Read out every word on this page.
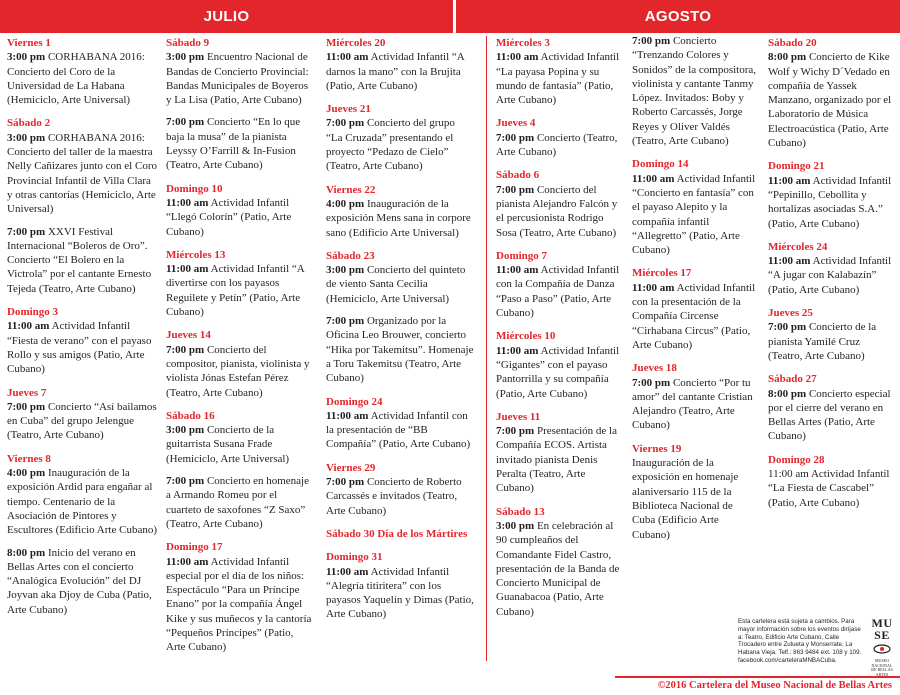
JULIO	AGOSTO
Viernes 1
3:00 pm CORHABANA 2016: Concierto del Coro de la Universidad de La Habana (Hemiciclo, Arte Universal)
Sábado 2
3:00 pm CORHABANA 2016: Concierto del taller de la maestra Nelly Cañizares junto con el Coro Provincial Infantil de Villa Clara y otras cantorías (Hemiciclo, Arte Universal)
7:00 pm XXVI Festival Internacional “Boleros de Oro”. Concierto “El Bolero en la Victrola” por el cantante Ernesto Tejeda (Teatro, Arte Cubano)
Domingo 3
11:00 am Actividad Infantil “Fiesta de verano” con el payaso Rollo y sus amigos (Patio, Arte Cubano)
Jueves 7
7:00 pm Concierto “Así bailamos en Cuba” del grupo Jelengue (Teatro, Arte Cubano)
Viernes 8
4:00 pm Inauguración de la exposición Ardid para engañar al tiempo. Centenario de la Asociación de Pintores y Escultores (Edificio Arte Cubano)
8:00 pm Inicio del verano en Bellas Artes con el concierto “Analógica Evolución” del DJ Joyvan aka Djoy de Cuba (Patio, Arte Cubano)
Sábado 9
3:00 pm Encuentro Nacional de Bandas de Concierto Provincial: Bandas Municipales de Boyeros y La Lisa (Patio, Arte Cubano)
7:00 pm Concierto “En lo que baja la musa” de la pianista Leyssy O’Farrill & In-Fusion (Teatro, Arte Cubano)
Domingo 10
11:00 am Actividad Infantil “Llegó Colorín” (Patio, Arte Cubano)
Miércoles 13
11:00 am Actividad Infantil “A divertirse con los payasos Reguilete y Petín” (Patio, Arte Cubano)
Jueves 14
7:00 pm Concierto del compositor, pianista, violinista y violista Jónas Estefan Pérez (Teatro, Arte Cubano)
Sábado 16
3:00 pm Concierto de la guitarrista Susana Frade (Hemiciclo, Arte Universal)
7:00 pm Concierto en homenaje a Armando Romeu por el cuarteto de saxofones “Z Saxo” (Teatro, Arte Cubano)
Domingo 17
11:00 am Actividad Infantil especial por el día de los niños: Espectáculo “Para un Príncipe Enano” por la compañía Ángel Kike y sus muñecos y la cantoría “Pequeños Príncipes” (Patio, Arte Cubano)
Miércoles 20
11:00 am Actividad Infantil “A darnos la mano” con la Brujita (Patio, Arte Cubano)
Jueves 21
7:00 pm Concierto del grupo “La Cruzada” presentando el proyecto “Pedazo de Cielo” (Teatro, Arte Cubano)
Viernes 22
4:00 pm Inauguración de la exposición Mens sana in corpore sano (Edificio Arte Universal)
Sábado 23
3:00 pm Concierto del quinteto de viento Santa Cecilia (Hemiciclo, Arte Universal)
7:00 pm Organizado por la Oficina Leo Brouwer, concierto “Hika por Takemitsu”. Homenaje a Toru Takemitsu (Teatro, Arte Cubano)
Domingo 24
11:00 am Actividad Infantil con la presentación de “BB Compañía” (Patio, Arte Cubano)
Viernes 29
7:00 pm Concierto de Roberto Carcassés e invitados (Teatro, Arte Cubano)
Sábado 30 Día de los Mártires
Domingo 31
11:00 am Actividad Infantil “Alegría titiritera” con los payasos Yaquelín y Dimas (Patio, Arte Cubano)
Miércoles 3
11:00 am Actividad Infantil “La payasa Popina y su mundo de fantasía” (Patio, Arte Cubano)
Jueves 4
7:00 pm Concierto (Teatro, Arte Cubano)
Sábado 6
7:00 pm Concierto del pianista Alejandro Falcón y el percusionista Rodrigo Sosa (Teatro, Arte Cubano)
Domingo 7
11:00 am Actividad Infantil con la Compañía de Danza “Paso a Paso” (Patio, Arte Cubano)
Miércoles 10
11:00 am Actividad Infantil “Gigantes” con el payaso Pantorrilla y su compañía (Patio, Arte Cubano)
Jueves 11
7:00 pm Presentación de la Compañía ECOS. Artista invitado pianista Denis Peralta (Teatro, Arte Cubano)
Sábado 13
3:00 pm En celebración al 90 cumpleaños del Comandante Fidel Castro, presentación de la Banda de Concierto Municipal de Guanabacoa (Patio, Arte Cubano)
7:00 pm Concierto “Trenzando Colores y Sonidos” de la compositora, violinista y cantante Tanmy López. Invitados: Boby y Roberto Carcassés, Jorge Reyes y Oliver Valdés (Teatro, Arte Cubano)
Domingo 14
11:00 am Actividad Infantil “Concierto en fantasía” con el payaso Alepito y la compañía infantil “Allegretto” (Patio, Arte Cubano)
Miércoles 17
11:00 am Actividad Infantil con la presentación de la Compañía Circense “Cirhabana Circus” (Patio, Arte Cubano)
Jueves 18
7:00 pm Concierto “Por tu amor” del cantante Cristian Alejandro (Teatro, Arte Cubano)
Viernes 19
Inauguración de la exposición en homenaje alaniversario 115 de la Biblioteca Nacional de Cuba (Edificio Arte Cubano)
Sábado 20
8:00 pm Concierto de Kike Wolf y Wichy D´Vedado en compañía de Yassek Manzano, organizado por el Laboratorio de Música Electroacústica (Patio, Arte Cubano)
Domingo 21
11:00 am Actividad Infantil “Pepinillo, Cebollita y hortalizas asociadas S.A.” (Patio, Arte Cubano)
Miércoles 24
11:00 am Actividad Infantil “A jugar con Kalabazín” (Patio, Arte Cubano)
Jueves 25
7:00 pm Concierto de la pianista Yamilé Cruz (Teatro, Arte Cubano)
Sábado 27
8:00 pm Concierto especial por el cierre del verano en Bellas Artes (Patio, Arte Cubano)
Domingo 28
11:00 am Actividad Infantil “La Fiesta de Cascabel” (Patio, Arte Cubano)
Esta cartelera está sujeta a cambios. Para mayor información sobre los eventos diríjase a: Teatro, Edificio Arte Cubano, Calle Trocadero entre Zulueta y Monserrate, La Habana Vieja. Telf.: 863 9484 ext. 108 y 109. facebook.com/carteleraMNBACuba.
MU
SE
MUSEO NACIONAL DE BELLAS ARTES
©2016 Cartelera del Museo Nacional de Bellas Artes
